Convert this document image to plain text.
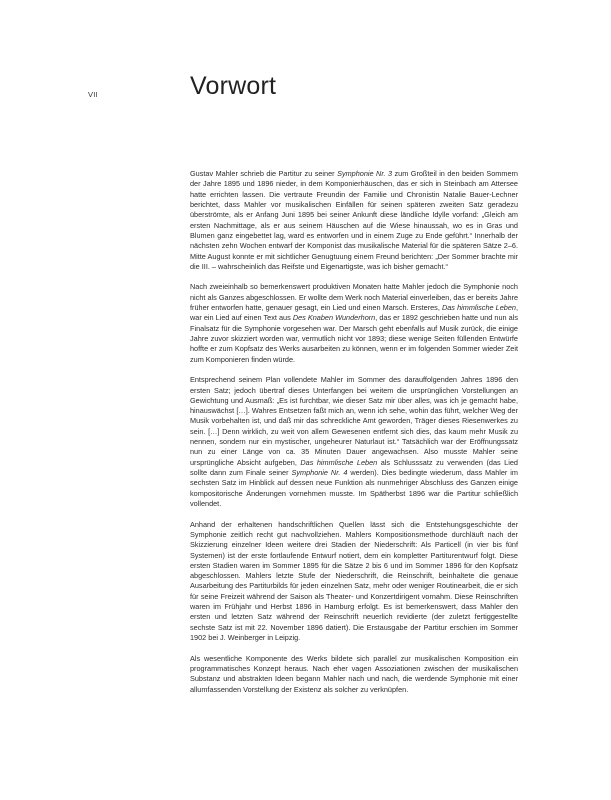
VII	Vorwort

Gustav Mahler schrieb die Partitur zu seiner Symphonie Nr. 3 zum Großteil in den beiden Sommern der Jahre 1895 und 1896 nieder, in dem Komponierhäuschen, das er sich in Steinbach am Attersee hatte errichten lassen. Die vertraute Freundin der Familie und Chronistin Natalie Bauer-Lechner berichtet, dass Mahler vor musikalischen Einfällen für seinen späteren zweiten Satz geradezu überströmte, als er Anfang Juni 1895 bei seiner Ankunft diese ländliche Idylle vorfand: „Gleich am ersten Nachmittage, als er aus seinem Häuschen auf die Wiese hinaussah, wo es in Gras und Blumen ganz eingebettet lag, ward es entworfen und in einem Zuge zu Ende geführt.“ Innerhalb der nächsten zehn Wochen entwarf der Komponist das musikalische Material für die späteren Sätze 2–6. Mitte August konnte er mit sichtlicher Genugtuung einem Freund berichten: „Der Sommer brachte mir die III. – wahrscheinlich das Reifste und Eigenartigste, was ich bisher gemacht.“

Nach zweieinhalb so bemerkenswert produktiven Monaten hatte Mahler jedoch die Symphonie noch nicht als Ganzes abgeschlossen. Er wollte dem Werk noch Material einverleiben, das er bereits Jahre früher entworfen hatte, genauer gesagt, ein Lied und einen Marsch. Ersteres, Das himmlische Leben, war ein Lied auf einen Text aus Des Knaben Wunderhorn, das er 1892 geschrieben hatte und nun als Finalsatz für die Symphonie vorgesehen war. Der Marsch geht ebenfalls auf Musik zurück, die einige Jahre zuvor skizziert worden war, vermutlich nicht vor 1893; diese wenige Seiten füllenden Entwürfe hoffte er zum Kopfsatz des Werks ausarbeiten zu können, wenn er im folgenden Sommer wieder Zeit zum Komponieren finden würde.

Entsprechend seinem Plan vollendete Mahler im Sommer des darauffolgenden Jahres 1896 den ersten Satz; jedoch übertraf dieses Unterfangen bei weitem die ursprünglichen Vorstellungen an Gewichtung und Ausmaß: „Es ist furchtbar, wie dieser Satz mir über alles, was ich je gemacht habe, hinauswächst […]. Wahres Entsetzen faßt mich an, wenn ich sehe, wohin das führt, welcher Weg der Musik vorbehalten ist, und daß mir das schreckliche Amt geworden, Träger dieses Riesenwerkes zu sein. […] Denn wirklich, zu weit von allem Gewesenen entfernt sich dies, das kaum mehr Musik zu nennen, sondern nur ein mystischer, ungeheurer Naturlaut ist.“ Tatsächlich war der Eröffnungssatz nun zu einer Länge von ca. 35 Minuten Dauer angewachsen. Also musste Mahler seine ursprüngliche Absicht aufgeben, Das himmlische Leben als Schlusssatz zu verwenden (das Lied sollte dann zum Finale seiner Symphonie Nr. 4 werden). Dies bedingte wiederum, dass Mahler im sechsten Satz im Hinblick auf dessen neue Funktion als nunmehriger Abschluss des Ganzen einige kompositorische Änderungen vornehmen musste. Im Spätherbst 1896 war die Partitur schließlich vollendet.

Anhand der erhaltenen handschriftlichen Quellen lässt sich die Entstehungsgeschichte der Symphonie zeitlich recht gut nachvollziehen. Mahlers Kompositionsmethode durchläuft nach der Skizzierung einzelner Ideen weitere drei Stadien der Niederschrift: Als Particell (in vier bis fünf Systemen) ist der erste fortlaufende Entwurf notiert, dem ein kompletter Partiturentwurf folgt. Diese ersten Stadien waren im Sommer 1895 für die Sätze 2 bis 6 und im Sommer 1896 für den Kopfsatz abgeschlossen. Mahlers letzte Stufe der Niederschrift, die Reinschrift, beinhaltete die genaue Ausarbeitung des Partiturbilds für jeden einzelnen Satz, mehr oder weniger Routinearbeit, die er sich für seine Freizeit während der Saison als Theater- und Konzertdirigent vornahm. Diese Reinschriften waren im Frühjahr und Herbst 1896 in Hamburg erfolgt. Es ist bemerkenswert, dass Mahler den ersten und letzten Satz während der Reinschrift neuerlich revidierte (der zuletzt fertiggestellte sechste Satz ist mit 22. November 1896 datiert). Die Erstausgabe der Partitur erschien im Sommer 1902 bei J. Weinberger in Leipzig.

Als wesentliche Komponente des Werks bildete sich parallel zur musikalischen Komposition ein programmatisches Konzept heraus. Nach eher vagen Assoziationen zwischen der musikalischen Substanz und abstrakten Ideen begann Mahler nach und nach, die werdende Symphonie mit einer allumfassenden Vorstellung der Existenz als solcher zu verknüpfen.
